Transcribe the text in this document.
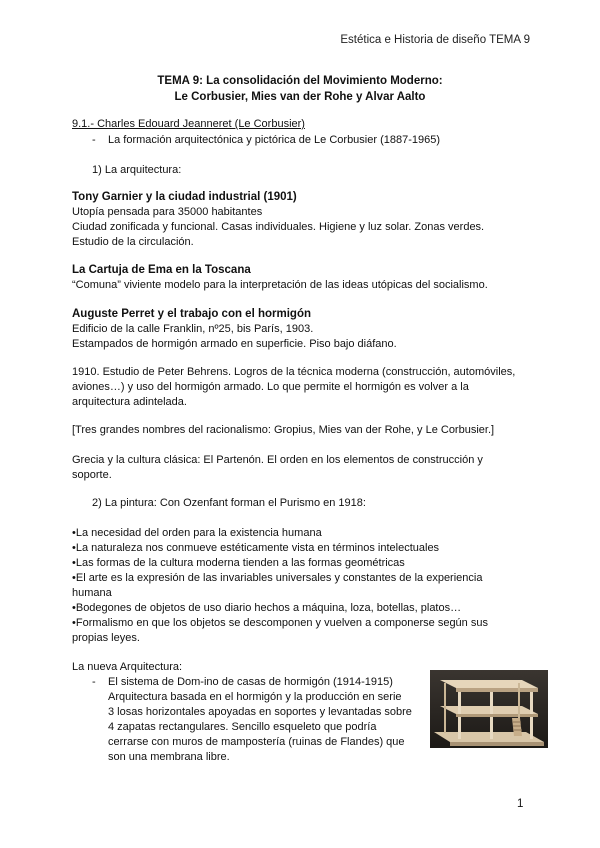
Estética e Historia de diseño TEMA 9
TEMA 9: La consolidación del Movimiento Moderno:
Le Corbusier, Mies van der Rohe y Alvar Aalto
9.1.- Charles Edouard Jeanneret (Le Corbusier)
- La formación arquitectónica y pictórica de Le Corbusier (1887-1965)
1) La arquitectura:
Tony Garnier y la ciudad industrial (1901)
Utopía pensada para 35000 habitantes
Ciudad zonificada y funcional. Casas individuales. Higiene y luz solar. Zonas verdes.
Estudio de la circulación.
La Cartuja de Ema en la Toscana
“Comuna” viviente modelo para la interpretación de las ideas utópicas del socialismo.
Auguste Perret y el trabajo con el hormigón
Edificio de la calle Franklin, nº25, bis París, 1903.
Estampados de hormigón armado en superficie. Piso bajo diáfano.
1910. Estudio de Peter Behrens. Logros de la técnica moderna (construcción, automóviles,
aviones…) y uso del hormigón armado. Lo que permite el hormigón es volver a la
arquitectura adintelada.
[Tres grandes nombres del racionalismo: Gropius, Mies van der Rohe, y Le Corbusier.]
Grecia y la cultura clásica: El Partenón. El orden en los elementos de construcción y
soporte.
2) La pintura: Con Ozenfant forman el Purismo en 1918:
•La necesidad del orden para la existencia humana
•La naturaleza nos conmueve estéticamente vista en términos intelectuales
•Las formas de la cultura moderna tienden a las formas geométricas
•El arte es la expresión de las invariables universales y constantes de la experiencia
humana
•Bodegones de objetos de uso diario hechos a máquina, loza, botellas, platos…
•Formalismo en que los objetos se descomponen y vuelven a componerse según sus
propias leyes.
La nueva Arquitectura:
- El sistema de Dom-ino de casas de hormigón (1914-1915)
Arquitectura basada en el hormigón y la producción en serie
3 losas horizontales apoyadas en soportes y levantadas sobre
4 zapatas rectangulares. Sencillo esqueleto que podría
cerrarse con muros de mampostería (ruinas de Flandes) que
son una membrana libre.
1
